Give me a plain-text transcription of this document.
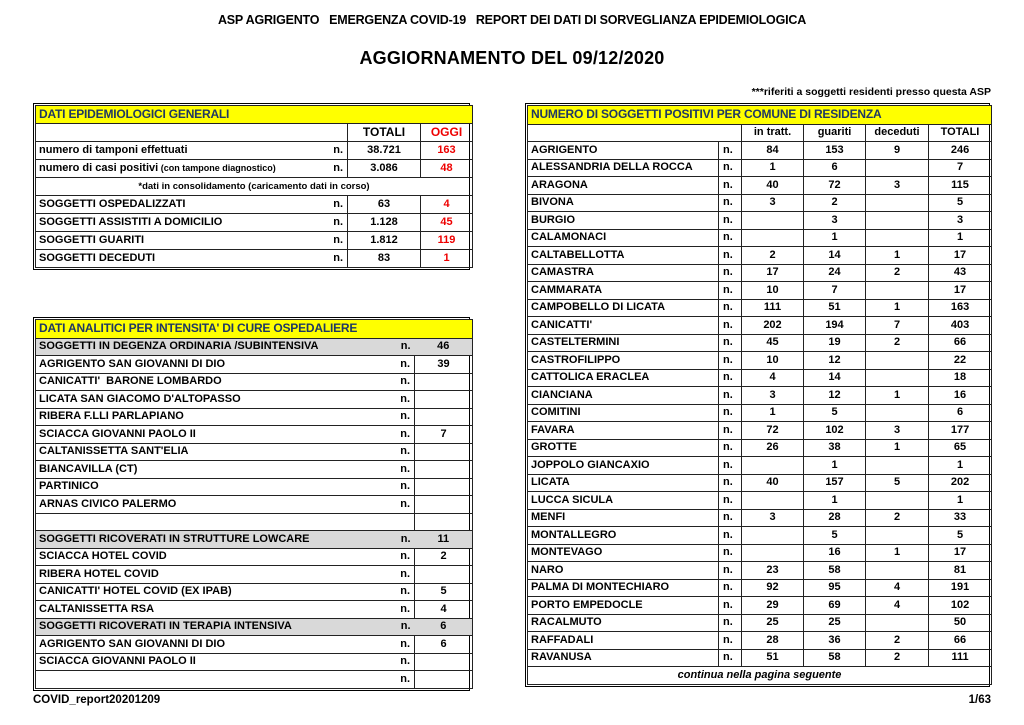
ASP AGRIGENTO   EMERGENZA COVID-19   REPORT DEI DATI DI SORVEGLIANZA EPIDEMIOLOGICA
AGGIORNAMENTO DEL 09/12/2020
***riferiti a soggetti residenti presso questa ASP
DATI EPIDEMIOLOGICI GENERALI			
		TOTALI	OGGI
numero di tamponi effettuati	n.	38.721	163
numero di casi positivi (con tampone diagnostico)	n.	3.086	48
*dati in consolidamento (caricamento dati in corso)			
SOGGETTI OSPEDALIZZATI	n.	63	4
SOGGETTI ASSISTITI A DOMICILIO	n.	1.128	45
SOGGETTI GUARITI	n.	1.812	119
SOGGETTI DECEDUTI	n.	83	1
DATI ANALITICI PER INTENSITA' DI CURE OSPEDALIERE		
SOGGETTI IN DEGENZA ORDINARIA /SUBINTENSIVA	n.	46
AGRIGENTO SAN GIOVANNI DI DIO	n.	39
CANICATTI'  BARONE LOMBARDO	n.	
LICATA SAN GIACOMO D'ALTOPASSO	n.	
RIBERA F.LLI PARLAPIANO	n.	
SCIACCA GIOVANNI PAOLO II	n.	7
CALTANISSETTA SANT'ELIA	n.	
BIANCAVILLA (CT)	n.	
PARTINICO	n.	
ARNAS CIVICO PALERMO	n.	

SOGGETTI RICOVERATI IN STRUTTURE LOWCARE	n.	11
SCIACCA HOTEL COVID	n.	2
RIBERA HOTEL COVID	n.	
CANICATTI' HOTEL COVID (EX IPAB)	n.	5
CALTANISSETTA RSA	n.	4
SOGGETTI RICOVERATI IN TERAPIA INTENSIVA	n.	6
AGRIGENTO SAN GIOVANNI DI DIO	n.	6
SCIACCA GIOVANNI PAOLO II	n.	
	n.	
NUMERO DI SOGGETTI POSITIVI PER COMUNE DI RESIDENZA					
		in tratt.	guariti	deceduti	TOTALI
AGRIGENTO	n.	84	153	9	246
ALESSANDRIA DELLA ROCCA	n.	1	6		7
ARAGONA	n.	40	72	3	115
BIVONA	n.	3	2		5
BURGIO	n.		3		3
CALAMONACI	n.		1		1
CALTABELLOTTA	n.	2	14	1	17
CAMASTRA	n.	17	24	2	43
CAMMARATA	n.	10	7		17
CAMPOBELLO DI LICATA	n.	111	51	1	163
CANICATTI'	n.	202	194	7	403
CASTELTERMINI	n.	45	19	2	66
CASTROFILIPPO	n.	10	12		22
CATTOLICA ERACLEA	n.	4	14		18
CIANCIANA	n.	3	12	1	16
COMITINI	n.	1	5		6
FAVARA	n.	72	102	3	177
GROTTE	n.	26	38	1	65
JOPPOLO GIANCAXIO	n.		1		1
LICATA	n.	40	157	5	202
LUCCA SICULA	n.		1		1
MENFI	n.	3	28	2	33
MONTALLEGRO	n.		5		5
MONTEVAGO	n.		16	1	17
NARO	n.	23	58		81
PALMA DI MONTECHIARO	n.	92	95	4	191
PORTO EMPEDOCLE	n.	29	69	4	102
RACALMUTO	n.	25	25		50
RAFFADALI	n.	28	36	2	66
RAVANUSA	n.	51	58	2	111
continua nella pagina seguente					
COVID_report20201209	1/63
